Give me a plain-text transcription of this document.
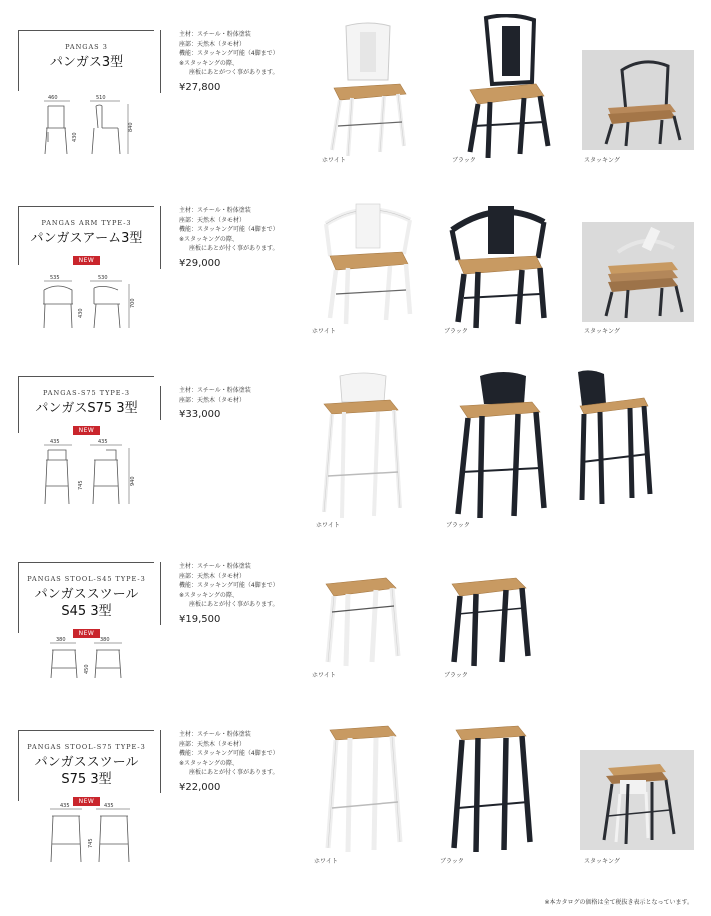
PANGAS 3
パンガス3型
460	510
430
840
主材：スチール・粉体塗装
座部：天然木（タモ材）
機能：スタッキング可能（4脚まで）
※スタッキングの際、
座板にあとがつく事があります。
¥27,800
ホワイト	ブラック	スタッキング
PANGAS ARM TYPE-3
パンガスアーム3型
NEW
535	530
430
700
主材：スチール・粉体塗装
座部：天然木（タモ材）
機能：スタッキング可能（4脚まで）
※スタッキングの際、
座板にあとが付く事があります。
¥29,000
ホワイト	ブラック	スタッキング
PANGAS-S75 TYPE-3
パンガスS75 3型
NEW
435	435
745	940
主材：スチール・粉体塗装
座部：天然木（タモ材）
¥33,000
ホワイト	ブラック
PANGAS STOOL-S45 TYPE-3
パンガススツール
S45 3型
NEW
380	380
450
主材：スチール・粉体塗装
座部：天然木（タモ材）
機能：スタッキング可能（4脚まで）
※スタッキングの際、
座板にあとが付く事があります。
¥19,500
ホワイト	ブラック
PANGAS STOOL-S75 TYPE-3
パンガススツール
S75 3型
NEW
435	435
745
主材：スチール・粉体塗装
座部：天然木（タモ材）
機能：スタッキング可能（4脚まで）
※スタッキングの際、
座板にあとが付く事があります。
¥22,000
ホワイト	ブラック	スタッキング
※本カタログの価格は全て税抜き表示となっています。
